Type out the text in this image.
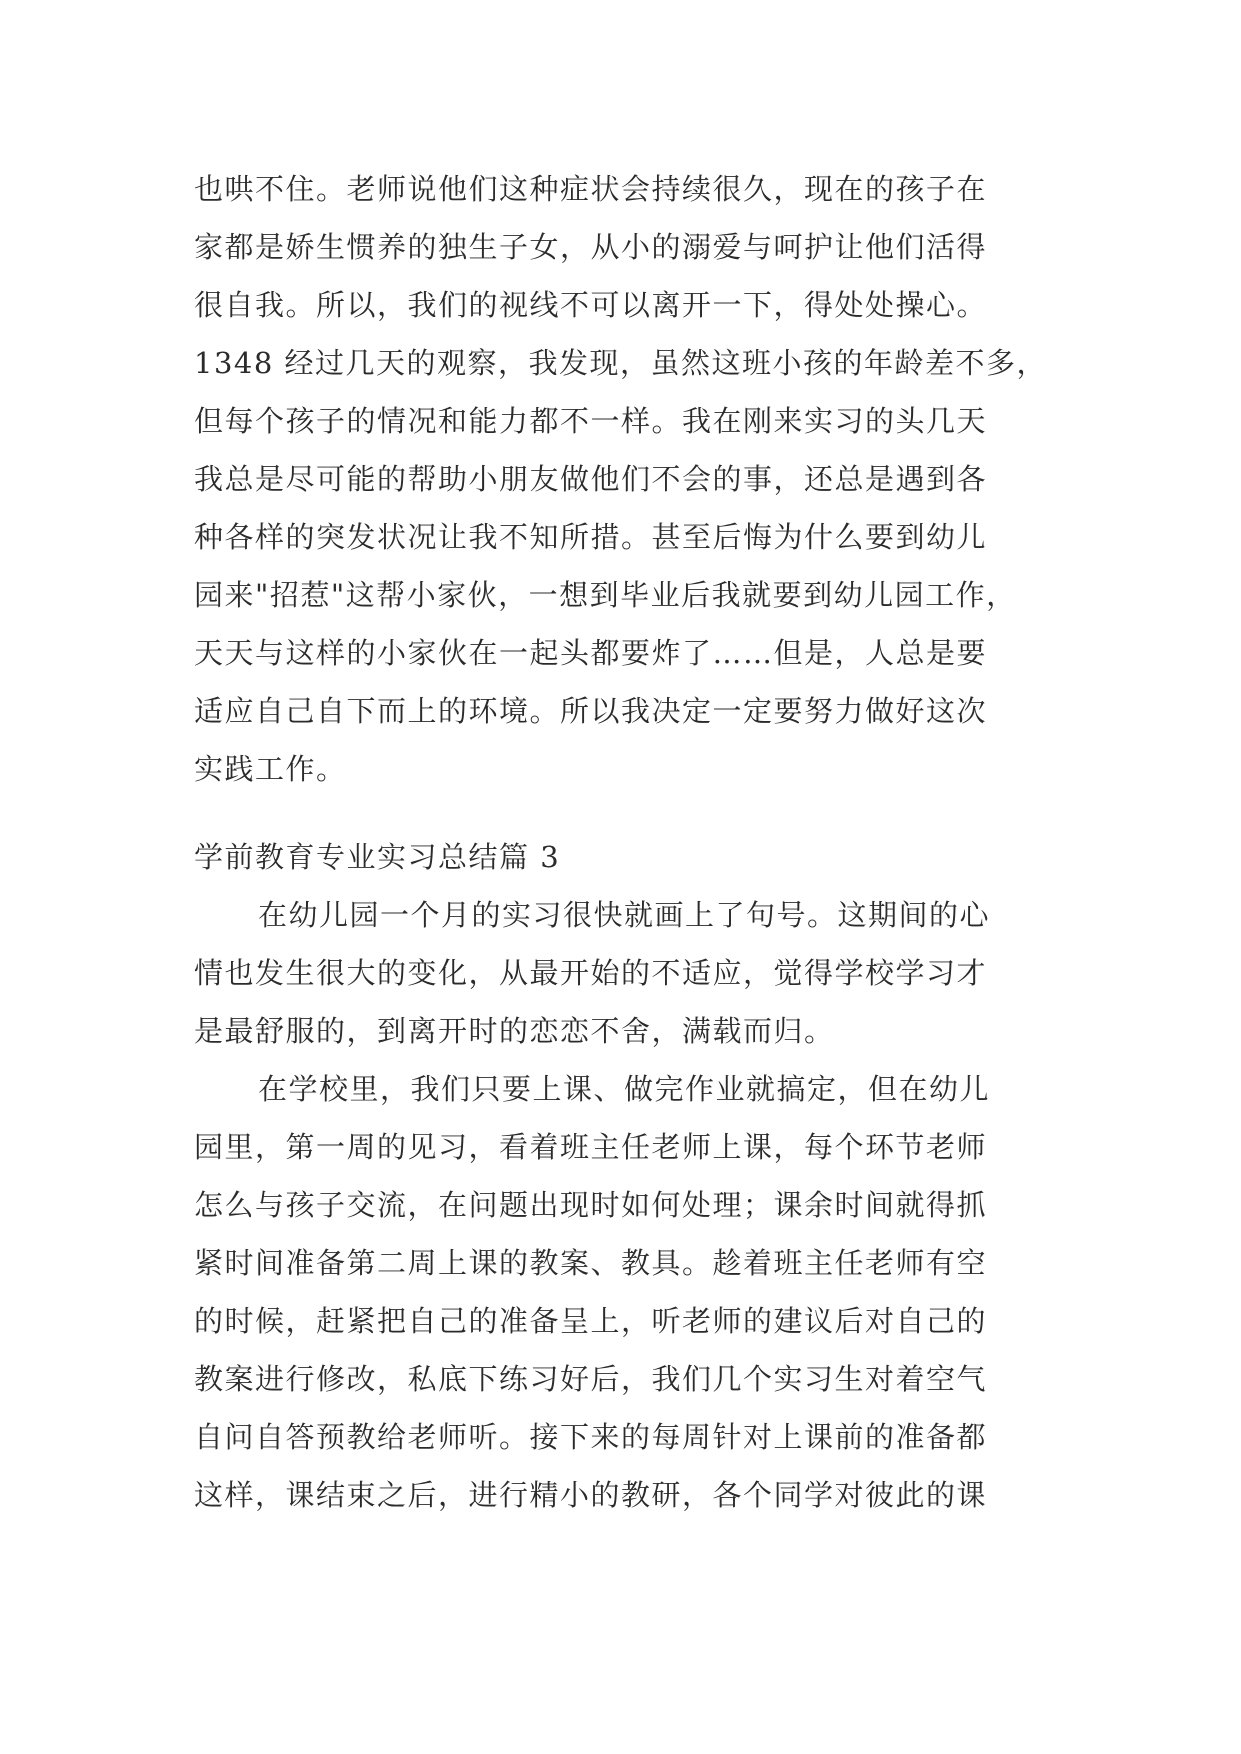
也哄不住。老师说他们这种症状会持续很久，现在的孩子在

家都是娇生惯养的独生子女，从小的溺爱与呵护让他们活得

很自我。所以，我们的视线不可以离开一下，得处处操心。

1348 经过几天的观察，我发现，虽然这班小孩的年龄差不多，

但每个孩子的情况和能力都不一样。我在刚来实习的头几天

我总是尽可能的帮助小朋友做他们不会的事，还总是遇到各

种各样的突发状况让我不知所措。甚至后悔为什么要到幼儿

园来"招惹"这帮小家伙，一想到毕业后我就要到幼儿园工作，

天天与这样的小家伙在一起头都要炸了……但是，人总是要

适应自己自下而上的环境。所以我决定一定要努力做好这次

实践工作。

学前教育专业实习总结篇 3

在幼儿园一个月的实习很快就画上了句号。这期间的心

情也发生很大的变化，从最开始的不适应，觉得学校学习才

是最舒服的，到离开时的恋恋不舍，满载而归。

在学校里，我们只要上课、做完作业就搞定，但在幼儿

园里，第一周的见习，看着班主任老师上课，每个环节老师

怎么与孩子交流，在问题出现时如何处理；课余时间就得抓

紧时间准备第二周上课的教案、教具。趁着班主任老师有空

的时候，赶紧把自己的准备呈上，听老师的建议后对自己的

教案进行修改，私底下练习好后，我们几个实习生对着空气

自问自答预教给老师听。接下来的每周针对上课前的准备都

这样，课结束之后，进行精小的教研，各个同学对彼此的课
